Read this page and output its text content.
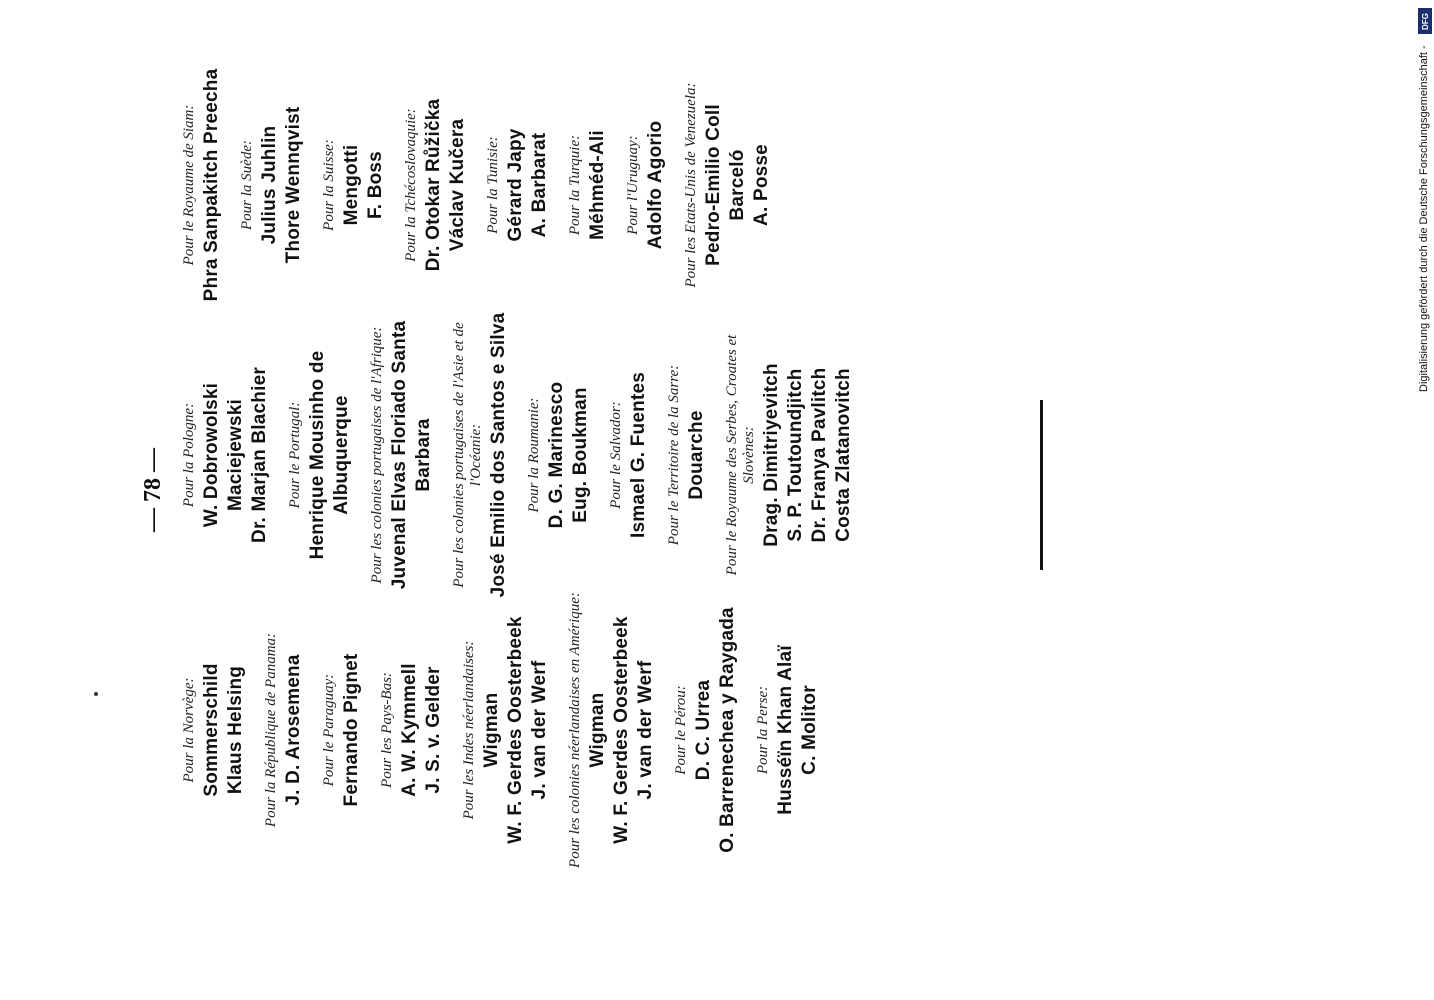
— 78 —
Pour la Norvège: Sommerschild Klaus Helsing Pour la République de Panama: J. D. Arosemena Pour le Paraguay: Fernando Pignet Pour les Pays-Bas: A. W. Kymmell J. S. v. Gelder Pour les Indes néerlandaises: Wigman W. F. Gerdes Oosterbeek J. van der Werf Pour les colonies néerlandaises en Amérique: Wigman W. F. Gerdes Oosterbeek J. van der Werf Pour le Pérou: D. C. Urrea O. Barrenechea y Raygada Pour la Perse: Husséïn Khan Alaï C. Molitor
Pour la Pologne: W. Dobrowolski Maciejewski Dr. Marjan Blachier Pour le Portugal: Henrique Mousinho de Albuquerque Pour les colonies portugaises de l'Afrique: Juvenal Elvas Floriado Santa Barbara Pour les colonies portugaises de l'Asie et de l'Océanie: José Emilio dos Santos e Silva Pour la Roumanie: D. G. Marinesco Eug. Boukman Pour le Salvador: Ismael G. Fuentes Pour le Territoire de la Sarre: Douarche Pour le Royaume des Serbes, Croates et Slovènes: Drag. Dimitriyevitch S. P. Toutoundjitch Dr. Franya Pavlitch Costa Zlatanovitch
Pour le Royaume de Siam: Phra Sanpakitch Preecha Pour la Suède: Julius Juhlin Thore Wennqvist Pour la Suisse: Mengotti F. Boss Pour la Tchécoslovaquie: Dr. Otokar Růžička Václav Kučera Pour la Tunisie: Gérard Japy A. Barbarat Pour la Turquie: Méhméd-Ali Pour l'Uruguay: Adolfo Agorio Pour les Etats-Unis de Venezuela: Pedro-Emilio Coll Barceló A. Posse	Digitalisierung gefördert durch die Deutsche Forschungsgemeinschaft -
DFG
